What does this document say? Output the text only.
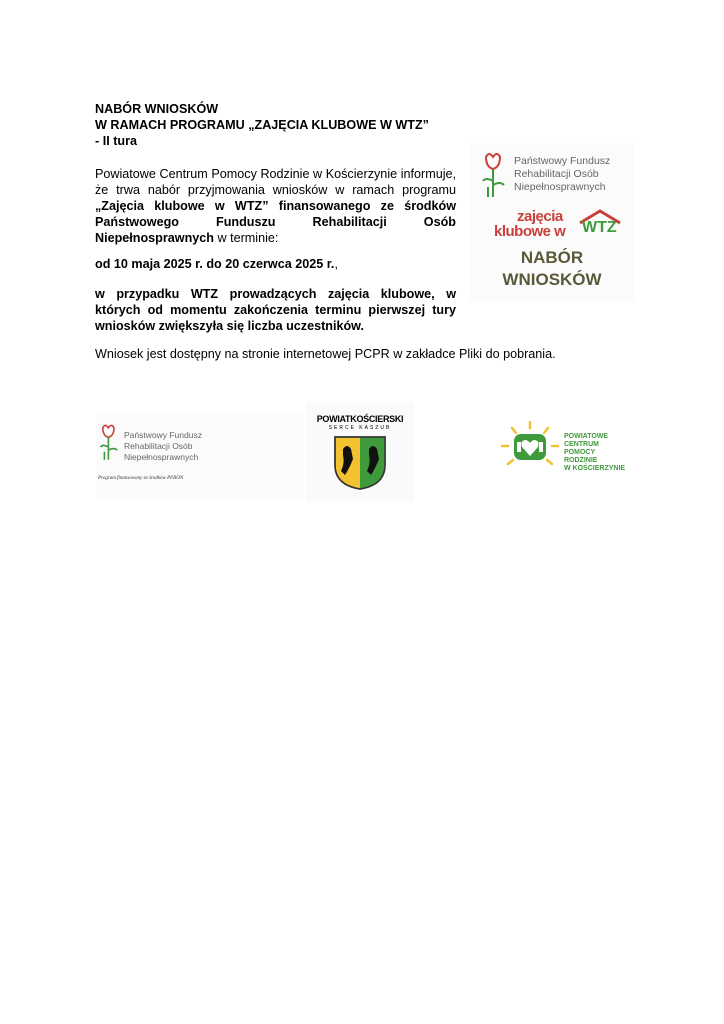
NABÓR WNIOSKÓW
W RAMACH PROGRAMU „ZAJĘCIA KLUBOWE W WTZ”
- II tura
Powiatowe Centrum Pomocy Rodzinie w Kościerzynie informuje, że trwa nabór przyjmowania wniosków w ramach programu „Zajęcia klubowe w WTZ” finansowanego ze środków Państwowego Funduszu Rehabilitacji Osób Niepełnosprawnych w terminie:
od 10 maja 2025 r. do 20 czerwca 2025 r.,
w przypadku WTZ prowadzących zajęcia klubowe, w których od momentu zakończenia terminu pierwszej tury wniosków zwiększyła się liczba uczestników.
Wniosek jest dostępny na stronie internetowej PCPR w zakładce Pliki do pobrania.
Państwowy Fundusz
Rehabilitacji Osób
Niepełnosprawnych
zajęcia
klubowe w WTZ
NABÓR
WNIOSKÓW
Państwowy Fundusz
Rehabilitacji Osób
Niepełnosprawnych
Program finansowany ze środków PFRON
POWIATKOŚCIERSKI
SERCE KASZUB
POWIATOWE
CENTRUM
POMOCY
RODZINIE
W KOŚCIERZYNIE
